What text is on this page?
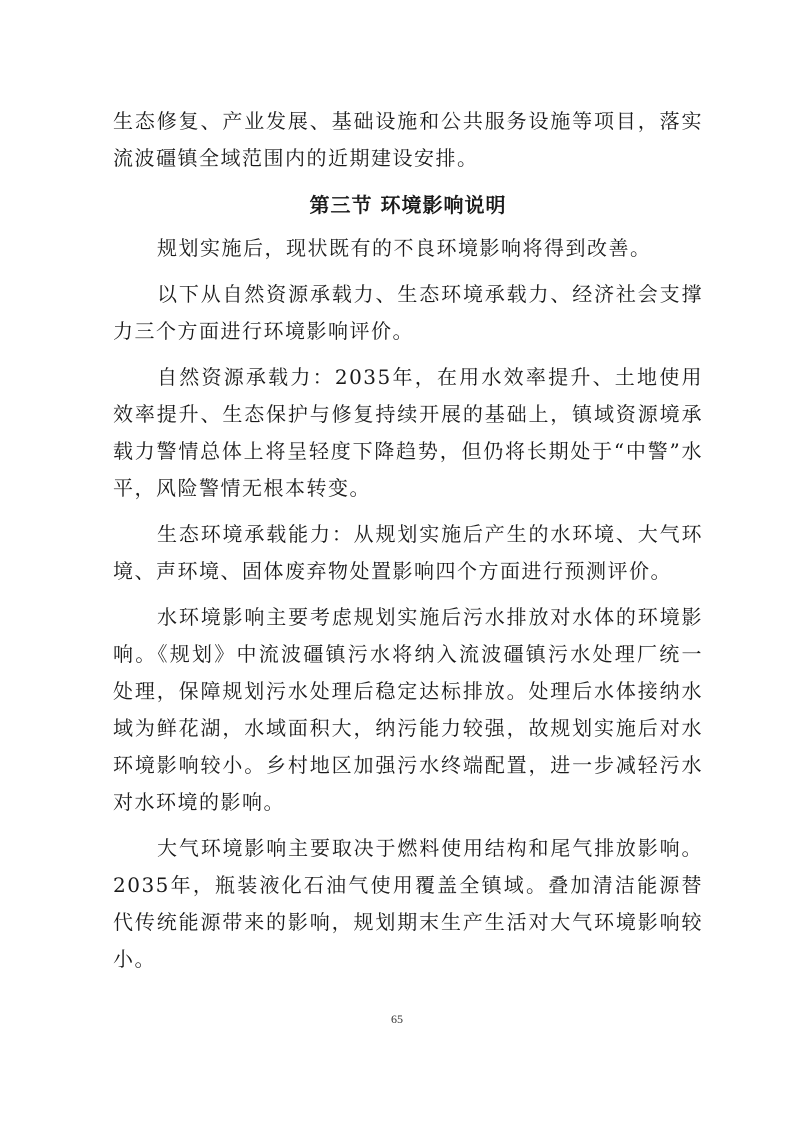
生态修复、产业发展、基础设施和公共服务设施等项目，落实流波礓镇全域范围内的近期建设安排。

第三节 环境影响说明

规划实施后，现状既有的不良环境影响将得到改善。

以下从自然资源承载力、生态环境承载力、经济社会支撑力三个方面进行环境影响评价。

自然资源承载力：2035年，在用水效率提升、土地使用效率提升、生态保护与修复持续开展的基础上，镇域资源境承载力警情总体上将呈轻度下降趋势，但仍将长期处于“中警”水平，风险警情无根本转变。

生态环境承载能力：从规划实施后产生的水环境、大气环境、声环境、固体废弃物处置影响四个方面进行预测评价。

水环境影响主要考虑规划实施后污水排放对水体的环境影响。《规划》中流波礓镇污水将纳入流波礓镇污水处理厂统一处理，保障规划污水处理后稳定达标排放。处理后水体接纳水域为鲜花湖，水域面积大，纳污能力较强，故规划实施后对水环境影响较小。乡村地区加强污水终端配置，进一步减轻污水对水环境的影响。

大气环境影响主要取决于燃料使用结构和尾气排放影响。2035年，瓶装液化石油气使用覆盖全镇域。叠加清洁能源替代传统能源带来的影响，规划期末生产生活对大气环境影响较小。

65
